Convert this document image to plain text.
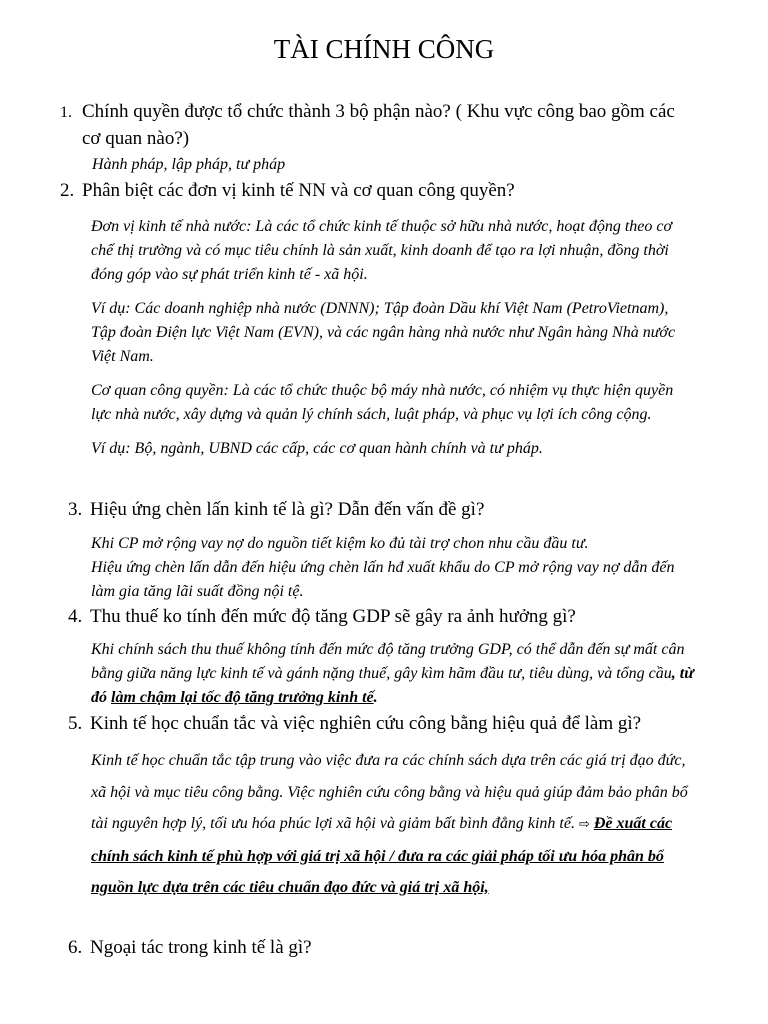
TÀI CHÍNH CÔNG
1. Chính quyền được tổ chức thành 3 bộ phận nào? ( Khu vực công bao gồm các cơ quan nào?)
Hành pháp, lập pháp, tư pháp
2. Phân biệt các đơn vị kinh tế NN và cơ quan công quyền?

Đơn vị kinh tế nhà nước: Là các tổ chức kinh tế thuộc sở hữu nhà nước, hoạt động theo cơ chế thị trường và có mục tiêu chính là sản xuất, kinh doanh để tạo ra lợi nhuận, đồng thời đóng góp vào sự phát triển kinh tế - xã hội.

Ví dụ: Các doanh nghiệp nhà nước (DNNN); Tập đoàn Dầu khí Việt Nam (PetroVietnam), Tập đoàn Điện lực Việt Nam (EVN), và các ngân hàng nhà nước như Ngân hàng Nhà nước Việt Nam.

Cơ quan công quyền: Là các tổ chức thuộc bộ máy nhà nước, có nhiệm vụ thực hiện quyền lực nhà nước, xây dựng và quản lý chính sách, luật pháp, và phục vụ lợi ích công cộng.

Ví dụ: Bộ, ngành, UBND các cấp, các cơ quan hành chính và tư pháp.

3. Hiệu ứng chèn lấn kinh tế là gì? Dẫn đến vấn đề gì?

Khi CP mở rộng vay nợ do nguồn tiết kiệm ko đủ tài trợ chon nhu cầu đầu tư.

Hiệu ứng chèn lấn dẫn đến hiệu ứng chèn lấn hđ xuất khẩu do CP mở rộng vay nợ dẫn đến làm gia tăng lãi suất đồng nội tệ.

4. Thu thuế ko tính đến mức độ tăng GDP sẽ gây ra ảnh hưởng gì?
Khi chính sách thu thuế không tính đến mức độ tăng trưởng GDP, có thể dẫn đến sự mất cân bằng giữa năng lực kinh tế và gánh nặng thuế, gây kìm hãm đầu tư, tiêu dùng, và tổng cầu, từ đó làm chậm lại tốc độ tăng trưởng kinh tế.
5. Kinh tế học chuẩn tắc và việc nghiên cứu công bằng hiệu quả để làm gì?
Kinh tế học chuẩn tắc tập trung vào việc đưa ra các chính sách dựa trên các giá trị đạo đức, xã hội và mục tiêu công bằng. Việc nghiên cứu công bằng và hiệu quả giúp đảm bảo phân bổ tài nguyên hợp lý, tối ưu hóa phúc lợi xã hội và giảm bất bình đẳng kinh tế. ⇨ Đề xuất các chính sách kinh tế phù hợp với giá trị xã hội / đưa ra các giải pháp tối ưu hóa phân bổ nguồn lực dựa trên các tiêu chuẩn đạo đức và giá trị xã hội,
6. Ngoại tác trong kinh tế là gì?
